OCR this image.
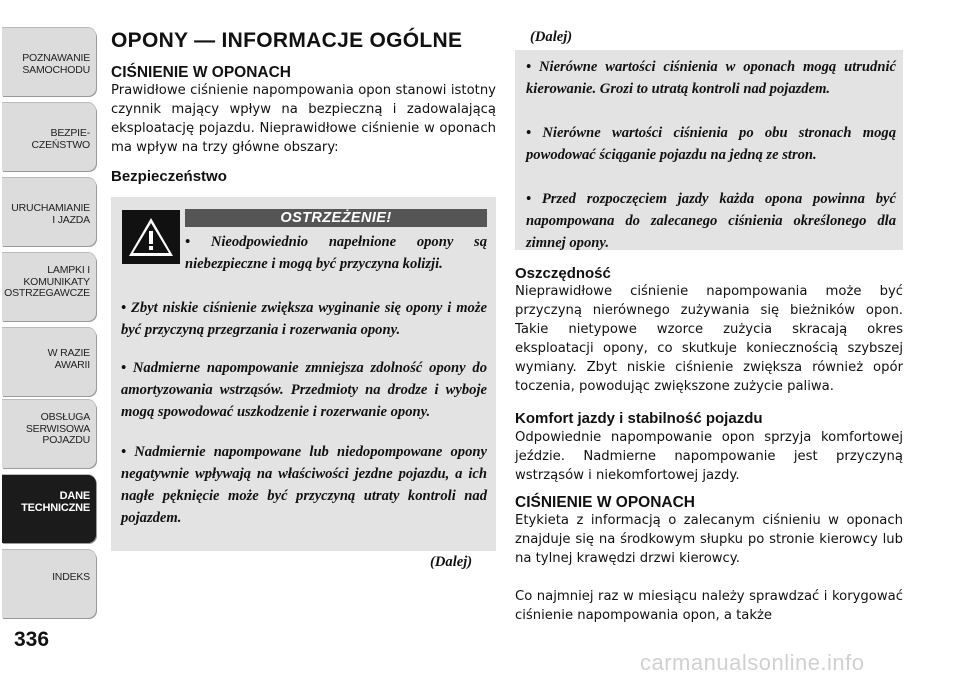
POZNAWANIE
SAMOCHODU
BEZPIE-
CZEŃSTWO
URUCHAMIANIE
I JAZDA
LAMPKI I
KOMUNIKATY
OSTRZEGAWCZE
W RAZIE
AWARII
OBSŁUGA
SERWISOWA
POJAZDU
DANE
TECHNICZNE
INDEKS
336
OPONY — INFORMACJE OGÓLNE
CIŚNIENIE W OPONACH
Prawidłowe ciśnienie napompowania opon stanowi istotny czynnik mający wpływ na bezpieczną i zadowalającą eksploatację pojazdu. Nieprawidłowe ciśnienie w oponach ma wpływ na trzy główne obszary:
Bezpieczeństwo
OSTRZEŻENIE!
• Nieodpowiednio napełnione opony są niebezpieczne i mogą być przyczyna kolizji.
• Zbyt niskie ciśnienie zwiększa wyginanie się opony i może być przyczyną przegrzania i rozerwania opony.
• Nadmierne napompowanie zmniejsza zdolność opony do amortyzowania wstrząsów. Przedmioty na drodze i wyboje mogą spowodować uszkodzenie i rozerwanie opony.
• Nadmiernie napompowane lub niedopompowane opony negatywnie wpływają na właściwości jezdne pojazdu, a ich nagłe pęknięcie może być przyczyną utraty kontroli nad pojazdem.
(Dalej)
(Dalej)
• Nierówne wartości ciśnienia w oponach mogą utrudnić kierowanie. Grozi to utratą kontroli nad pojazdem.
• Nierówne wartości ciśnienia po obu stronach mogą powodować ściąganie pojazdu na jedną ze stron.
• Przed rozpoczęciem jazdy każda opona powinna być napompowana do zalecanego ciśnienia określonego dla zimnej opony.
Oszczędność
Nieprawidłowe ciśnienie napompowania może być przyczyną nierównego zużywania się bieżników opon. Takie nietypowe wzorce zużycia skracają okres eksploatacji opony, co skutkuje koniecznością szybszej wymiany. Zbyt niskie ciśnienie zwiększa również opór toczenia, powodując zwiększone zużycie paliwa.
Komfort jazdy i stabilność pojazdu
Odpowiednie napompowanie opon sprzyja komfortowej jeździe. Nadmierne napompowanie jest przyczyną wstrząsów i niekomfortowej jazdy.
CIŚNIENIE W OPONACH
Etykieta z informacją o zalecanym ciśnieniu w oponach znajduje się na środkowym słupku po stronie kierowcy lub na tylnej krawędzi drzwi kierowcy.
Co najmniej raz w miesiącu należy sprawdzać i korygować ciśnienie napompowania opon, a także
carmanualsonline.info
